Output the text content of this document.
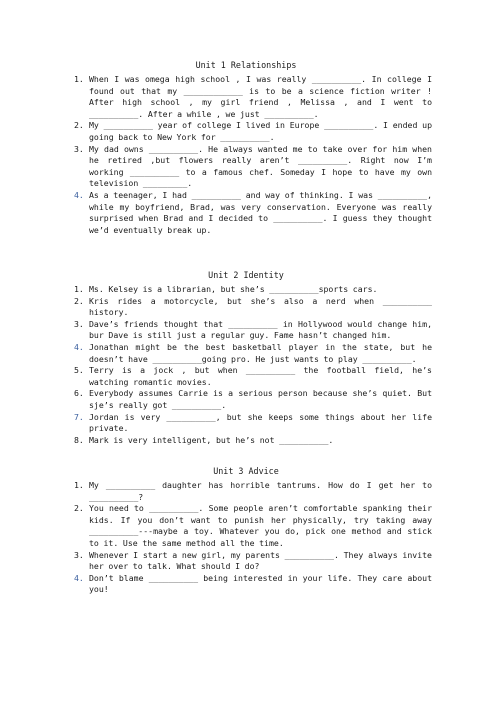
Unit 1 Relationships
1. When I was omega high school , I was really __________. In college I found out that my ____________ is to be a science fiction writer ! After high school , my girl friend , Melissa , and I went to __________. After a while , we just __________.
2. My __________ year of college I lived in Europe __________. I ended up going back to New York for __________.
3. My dad owns __________. He always wanted me to take over for him when he retired ,but flowers really aren’t __________. Right now I’m working __________ to a famous chef. Someday I hope to have my own television _________.
4. As a teenager, I had __________ and way of thinking. I was __________, while my boyfriend, Brad, was very conservation. Everyone was really surprised when Brad and I decided to __________. I guess they thought we’d eventually break up.
Unit 2 Identity
1. Ms. Kelsey is a librarian, but she’s __________sports cars.
2. Kris rides a motorcycle, but she’s also a nerd when __________ history.
3. Dave’s friends thought that __________ in Hollywood would change him, bur Dave is still just a regular guy. Fame hasn’t changed him.
4. Jonathan might be the best basketball player in the state, but he doesn’t have __________going pro. He just wants to play __________.
5. Terry is a jock , but when __________ the football field, he’s watching romantic movies.
6. Everybody assumes Carrie is a serious person because she’s quiet. But sje’s really got __________.
7. Jordan is very __________, but she keeps some things about her life private.
8. Mark is very intelligent, but he’s not __________.
Unit 3 Advice
1. My __________ daughter has horrible tantrums. How do I get her to __________?
2. You need to __________. Some people aren’t comfortable spanking their kids. If you don’t want to punish her physically, try taking away __________---maybe a toy. Whatever you do, pick one method and stick to it. Use the same method all the time.
3. Whenever I start a new girl, my parents __________. They always invite her over to talk. What should I do?
4. Don’t blame __________ being interested in your life. They care about you!
